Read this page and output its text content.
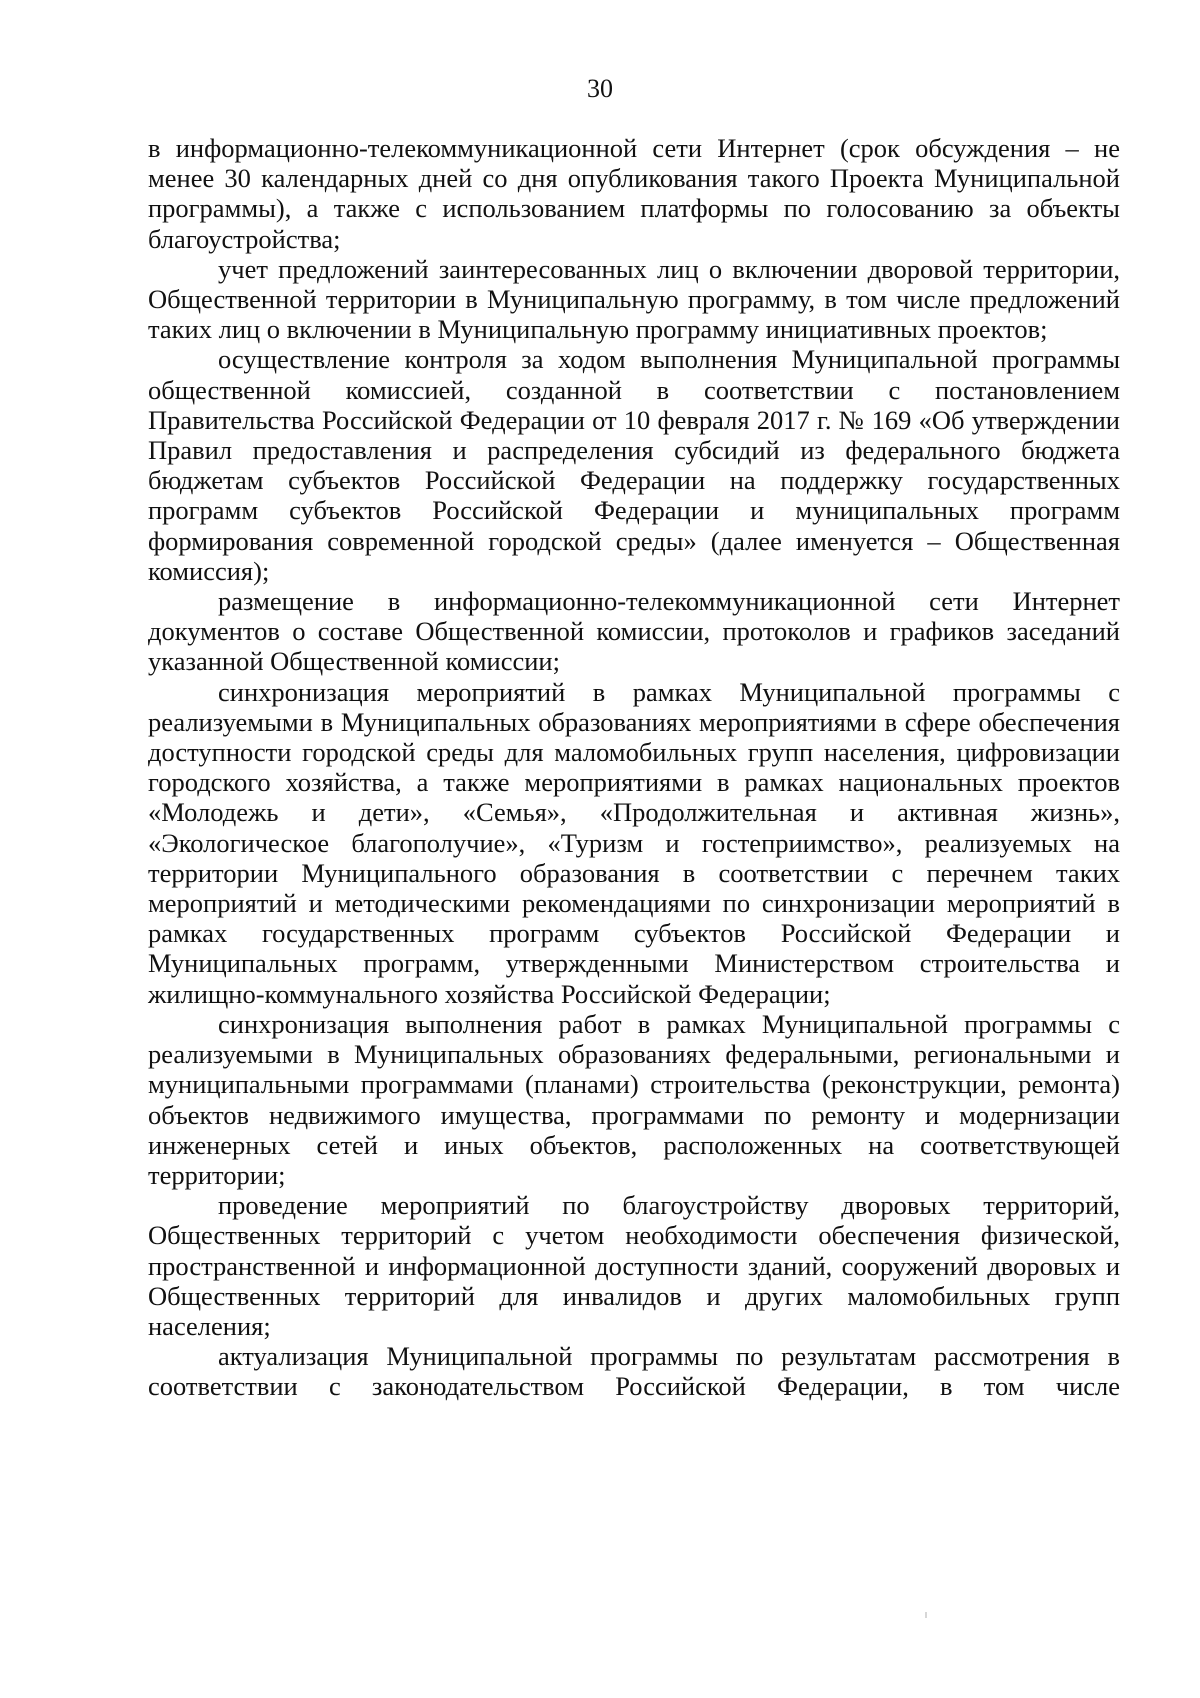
30

в информационно-телекоммуникационной сети Интернет (срок обсуждения – не менее 30 календарных дней со дня опубликования такого Проекта Муниципальной программы), а также с использованием платформы по голосованию за объекты благоустройства;

учет предложений заинтересованных лиц о включении дворовой территории, Общественной территории в Муниципальную программу, в том числе предложений таких лиц о включении в Муниципальную программу инициативных проектов;

осуществление контроля за ходом выполнения Муниципальной программы общественной комиссией, созданной в соответствии с постановлением Правительства Российской Федерации от 10 февраля 2017 г. № 169 «Об утверждении Правил предоставления и распределения субсидий из федерального бюджета бюджетам субъектов Российской Федерации на поддержку государственных программ субъектов Российской Федерации и муниципальных программ формирования современной городской среды» (далее именуется – Общественная комиссия);

размещение в информационно-телекоммуникационной сети Интернет документов о составе Общественной комиссии, протоколов и графиков заседаний указанной Общественной комиссии;

синхронизация мероприятий в рамках Муниципальной программы с реализуемыми в Муниципальных образованиях мероприятиями в сфере обеспечения доступности городской среды для маломобильных групп населения, цифровизации городского хозяйства, а также мероприятиями в рамках национальных проектов «Молодежь и дети», «Семья», «Продолжительная и активная жизнь», «Экологическое благополучие», «Туризм и гостеприимство», реализуемых на территории Муниципального образования в соответствии с перечнем таких мероприятий и методическими рекомендациями по синхронизации мероприятий в рамках государственных программ субъектов Российской Федерации и Муниципальных программ, утвержденными Министерством строительства и жилищно-коммунального хозяйства Российской Федерации;

синхронизация выполнения работ в рамках Муниципальной программы с реализуемыми в Муниципальных образованиях федеральными, региональными и муниципальными программами (планами) строительства (реконструкции, ремонта) объектов недвижимого имущества, программами по ремонту и модернизации инженерных сетей и иных объектов, расположенных на соответствующей территории;

проведение мероприятий по благоустройству дворовых территорий, Общественных территорий с учетом необходимости обеспечения физической, пространственной и информационной доступности зданий, сооружений дворовых и Общественных территорий для инвалидов и других маломобильных групп населения;

актуализация Муниципальной программы по результатам рассмотрения в соответствии с законодательством Российской Федерации, в том числе
